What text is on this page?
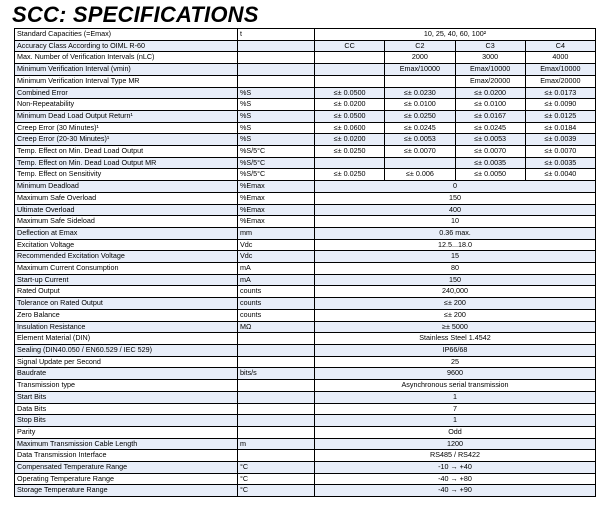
SCC: SPECIFICATIONS
Standard Capacities (=Emax)	t	10, 25, 40, 60, 100²			
Accuracy Class According to OIML R-60		CC	C2	C3	C4
Max. Number of Verification Intervals (nLC)			2000	3000	4000
Minimum Verification Interval (vmin)			Emax/10000	Emax/10000	Emax/10000
Minimum Verification Interval Type MR				Emax/20000	Emax/20000
Combined Error	%S	≤± 0.0500	≤± 0.0230	≤± 0.0200	≤± 0.0173
Non-Repeatability	%S	≤± 0.0200	≤± 0.0100	≤± 0.0100	≤± 0.0090
Minimum Dead Load Output Return¹	%S	≤± 0.0500	≤± 0.0250	≤± 0.0167	≤± 0.0125
Creep Error (30 Minutes)¹	%S	≤± 0.0600	≤± 0.0245	≤± 0.0245	≤± 0.0184
Creep Error (20-30 Minutes)¹	%S	≤± 0.0200	≤± 0.0053	≤± 0.0053	≤± 0.0039
Temp. Effect on Min. Dead Load Output	%S/5°C	≤± 0.0250	≤± 0.0070	≤± 0.0070	≤± 0.0070
Temp. Effect on Min. Dead Load Output MR	%S/5°C			≤± 0.0035	≤± 0.0035
Temp. Effect on Sensitivity	%S/5°C	≤± 0.0250	≤± 0.006	≤± 0.0050	≤± 0.0040
Minimum Deadload	%Emax	0			
Maximum Safe Overload	%Emax	150			
Ultimate Overload	%Emax	400			
Maximum Safe Sideload	%Emax	10			
Deflection at Emax	mm	0.36 max.			
Excitation Voltage	Vdc	12.5...18.0			
Recommended Excitation Voltage	Vdc	15			
Maximum Current Consumption	mA	80			
Start-up Current	mA	150			
Rated Output	counts	240,000			
Tolerance on Rated Output	counts	≤± 200			
Zero Balance	counts	≤± 200			
Insulation Resistance	MΩ	≥± 5000			
Element Material (DIN)		Stainless Steel 1.4542			
Sealing (DIN40.050 / EN60.529 / IEC 529)		IP66/68			
Signal Update per Second		25			
Baudrate	bits/s	9600			
Transmission type		Asynchronous serial transmission			
Start Bits		1			
Data Bits		7			
Stop Bits		1			
Parity		Odd			
Maximum Transmission Cable Length	m	1200			
Data Transmission Interface		RS485 / RS422			
Compensated Temperature Range	°C	-10 → +40			
Operating Temperature Range	°C	-40 → +80			
Storage Temperature Range	°C	-40 → +90			
